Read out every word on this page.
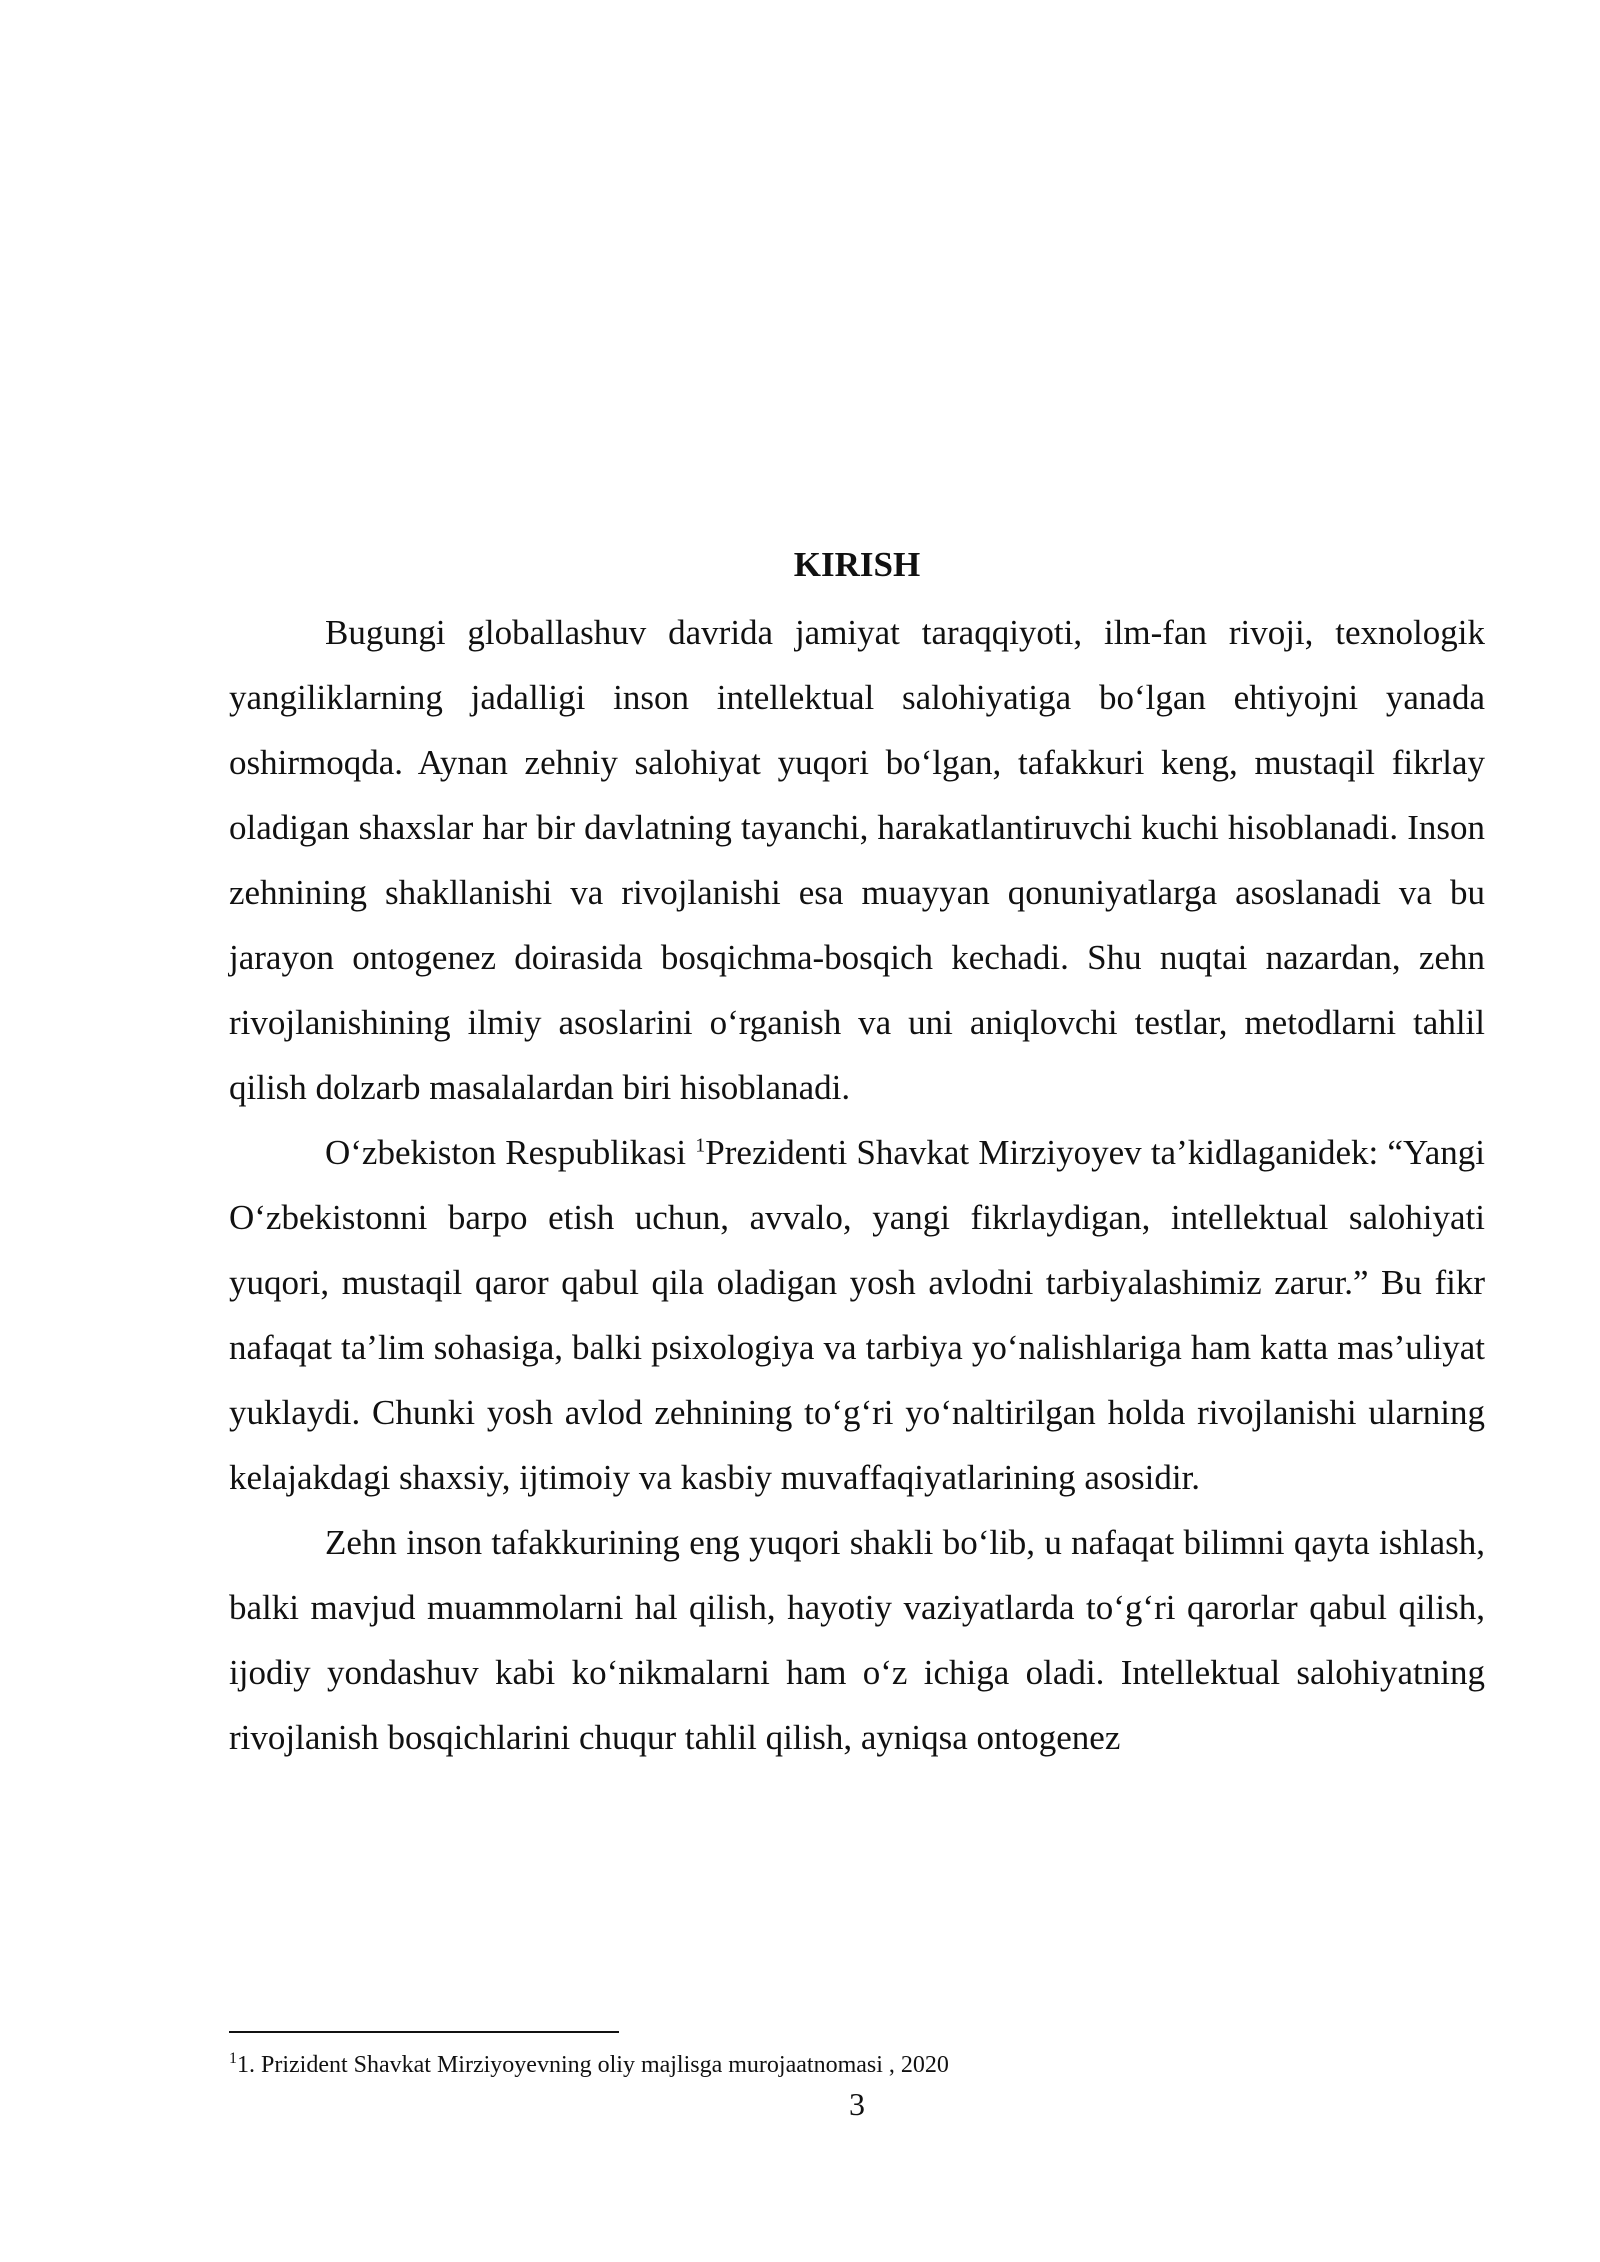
KIRISH

Bugungi globallashuv davrida jamiyat taraqqiyoti, ilm-fan rivoji, texnologik yangiliklarning jadalligi inson intellektual salohiyatiga bo‘lgan ehtiyojni yanada oshirmoqda. Aynan zehniy salohiyat yuqori bo‘lgan, tafakkuri keng, mustaqil fikrlay oladigan shaxslar har bir davlatning tayanchi, harakatlantiruvchi kuchi hisoblanadi. Inson zehnining shakllanishi va rivojlanishi esa muayyan qonuniyatlarga asoslanadi va bu jarayon ontogenez doirasida bosqichma-bosqich kechadi. Shu nuqtai nazardan, zehn rivojlanishining ilmiy asoslarini o‘rganish va uni aniqlovchi testlar, metodlarni tahlil qilish dolzarb masalalardan biri hisoblanadi.

O‘zbekiston Respublikasi $^1$Prezidenti Shavkat Mirziyoyev ta’kidlaganidek: “Yangi O‘zbekistonni barpo etish uchun, avvalo, yangi fikrlaydigan, intellektual salohiyati yuqori, mustaqil qaror qabul qila oladigan yosh avlodni tarbiyalashimiz zarur.” Bu fikr nafaqat ta’lim sohasiga, balki psixologiya va tarbiya yo‘nalishlariga ham katta mas’uliyat yuklaydi. Chunki yosh avlod zehnining to‘g‘ri yo‘naltirilgan holda rivojlanishi ularning kelajakdagi shaxsiy, ijtimoiy va kasbiy muvaffaqiyatlarining asosidir.

Zehn inson tafakkurining eng yuqori shakli bo‘lib, u nafaqat bilimni qayta ishlash, balki mavjud muammolarni hal qilish, hayotiy vaziyatlarda to‘g‘ri qarorlar qabul qilish, ijodiy yondashuv kabi ko‘nikmalarni ham o‘z ichiga oladi. Intellektual salohiyatning rivojlanish bosqichlarini chuqur tahlil qilish, ayniqsa ontogenez

$^1$1. Prizident Shavkat Mirziyoyevning oliy majlisga murojaatnomasi , 2020
3
